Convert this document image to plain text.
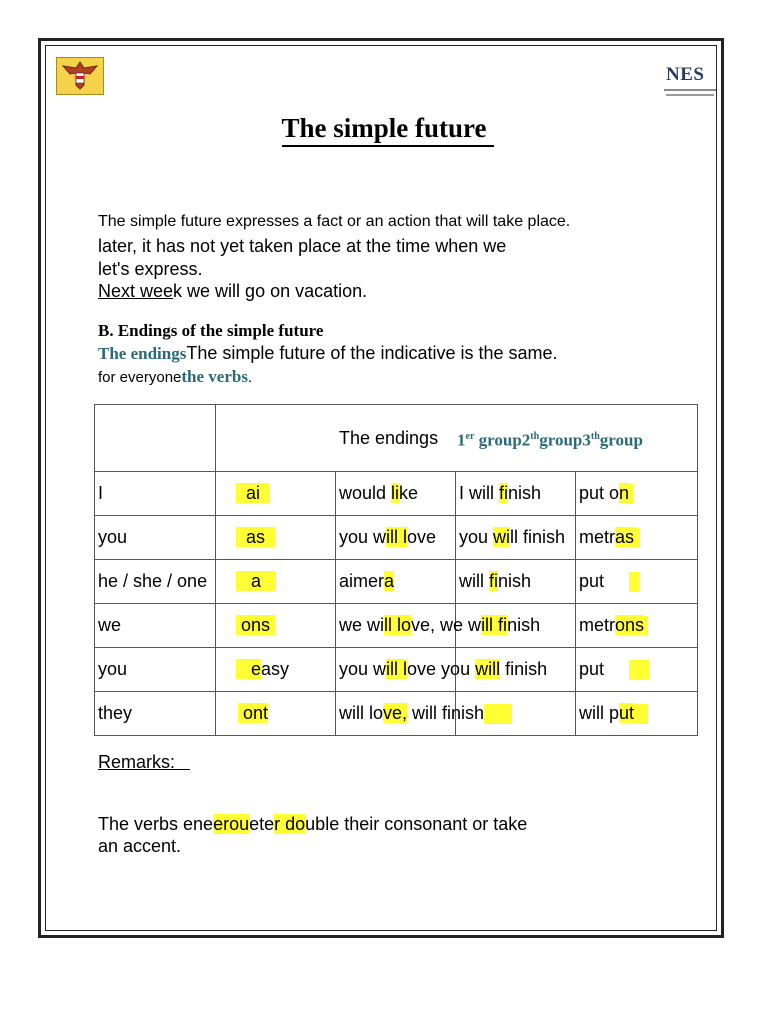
NES
The simple future
The simple future expresses a fact or an action that will take place.
later, it has not yet taken place at the time when we
let's express.
Next week we will go on vacation.
B. Endings of the simple future
The endingsThe simple future of the indicative is the same.
for everyonethe verbs.

	The endings 1er group2thgroup3thgroup			

I	ai	would like	I will finish	put on
you	as	you will love	you will finish	metras
he / she / one	a	aimera	will finish	put
we	ons	we will love, we will finish		metrons
you	easy	you will love you will finish		put
they	ont	will love, will finish		will put
Remarks:
The verbs eneeroueter double their consonant or take
an accent.
